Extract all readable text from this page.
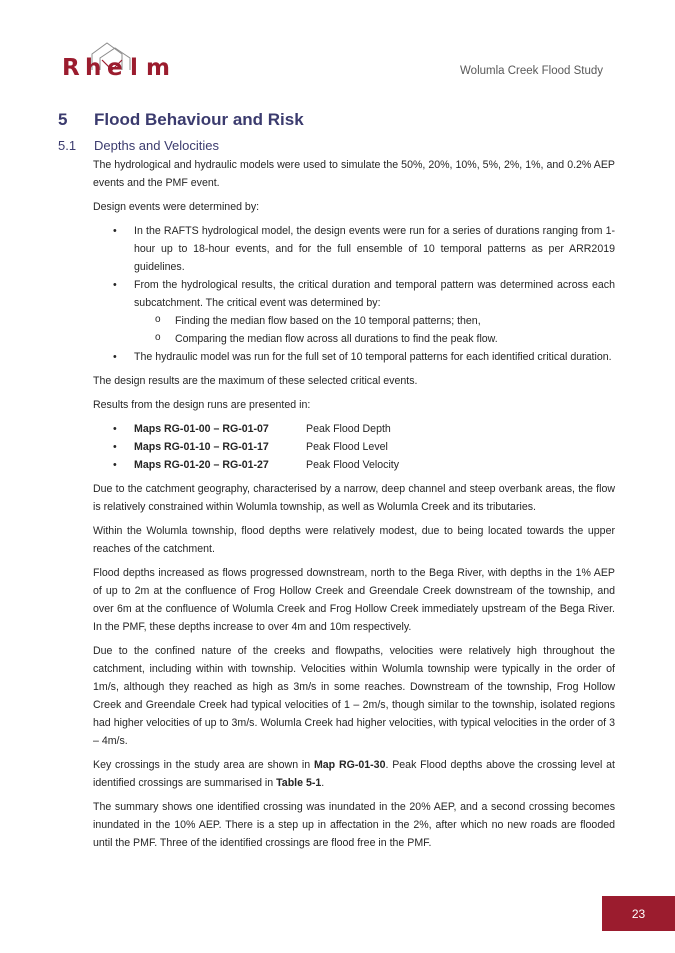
R h e l m	Wolumla Creek Flood Study
5 Flood Behaviour and Risk
5.1 Depths and Velocities

The hydrological and hydraulic models were used to simulate the 50%, 20%, 10%, 5%, 2%, 1%, and 0.2% AEP events and the PMF event.

Design events were determined by:

• In the RAFTS hydrological model, the design events were run for a series of durations ranging from 1-hour up to 18-hour events, and for the full ensemble of 10 temporal patterns as per ARR2019 guidelines.
• From the hydrological results, the critical duration and temporal pattern was determined across each subcatchment. The critical event was determined by:
o Finding the median flow based on the 10 temporal patterns; then,
o Comparing the median flow across all durations to find the peak flow.
• The hydraulic model was run for the full set of 10 temporal patterns for each identified critical duration.

The design results are the maximum of these selected critical events.

Results from the design runs are presented in:

• Maps RG-01-00 – RG-01-07	Peak Flood Depth
• Maps RG-01-10 – RG-01-17	Peak Flood Level
• Maps RG-01-20 – RG-01-27	Peak Flood Velocity

Due to the catchment geography, characterised by a narrow, deep channel and steep overbank areas, the flow is relatively constrained within Wolumla township, as well as Wolumla Creek and its tributaries.

Within the Wolumla township, flood depths were relatively modest, due to being located towards the upper reaches of the catchment.

Flood depths increased as flows progressed downstream, north to the Bega River, with depths in the 1% AEP of up to 2m at the confluence of Frog Hollow Creek and Greendale Creek downstream of the township, and over 6m at the confluence of Wolumla Creek and Frog Hollow Creek immediately upstream of the Bega River. In the PMF, these depths increase to over 4m and 10m respectively.

Due to the confined nature of the creeks and flowpaths, velocities were relatively high throughout the catchment, including within with township. Velocities within Wolumla township were typically in the order of 1m/s, although they reached as high as 3m/s in some reaches. Downstream of the township, Frog Hollow Creek and Greendale Creek had typical velocities of 1 – 2m/s, though similar to the township, isolated regions had higher velocities of up to 3m/s. Wolumla Creek had higher velocities, with typical velocities in the order of 3 – 4m/s.

Key crossings in the study area are shown in Map RG-01-30. Peak Flood depths above the crossing level at identified crossings are summarised in Table 5-1.

The summary shows one identified crossing was inundated in the 20% AEP, and a second crossing becomes inundated in the 10% AEP. There is a step up in affectation in the 2%, after which no new roads are flooded until the PMF. Three of the identified crossings are flood free in the PMF.

23
